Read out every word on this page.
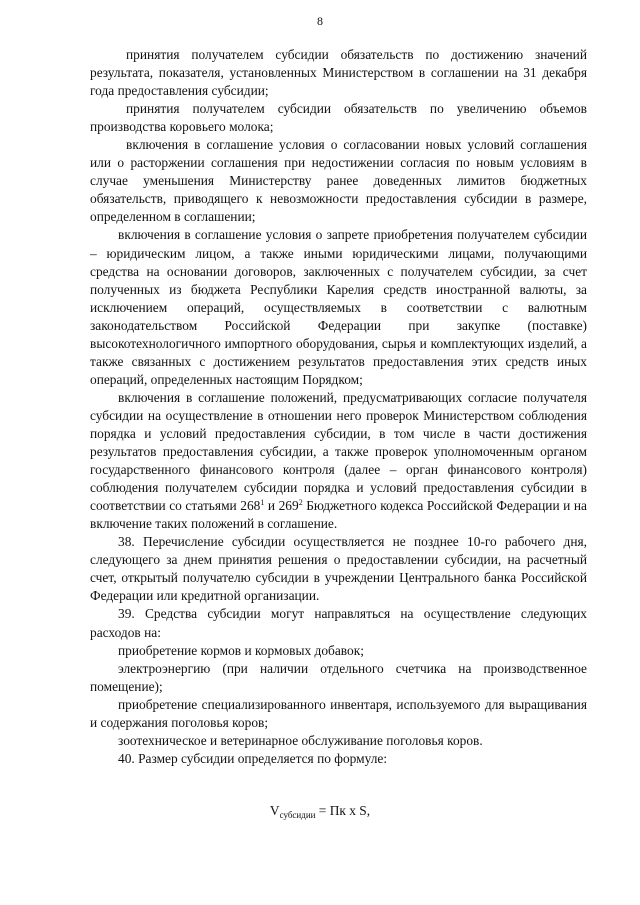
8

принятия получателем субсидии обязательств по достижению значений результата, показателя, установленных Министерством в соглашении на 31 декабря года предоставления субсидии;

принятия получателем субсидии обязательств по увеличению объемов производства коровьего молока;

включения в соглашение условия о согласовании новых условий соглашения или о расторжении соглашения при недостижении согласия по новым условиям в случае уменьшения Министерству ранее доведенных лимитов бюджетных обязательств, приводящего к невозможности предоставления субсидии в размере, определенном в соглашении;

включения в соглашение условия о запрете приобретения получателем субсидии – юридическим лицом, а также иными юридическими лицами, получающими средства на основании договоров, заключенных с получателем субсидии, за счет полученных из бюджета Республики Карелия средств иностранной валюты, за исключением операций, осуществляемых в соответствии с валютным законодательством Российской Федерации при закупке (поставке) высокотехнологичного импортного оборудования, сырья и комплектующих изделий, а также связанных с достижением результатов предоставления этих средств иных операций, определенных настоящим Порядком;

включения в соглашение положений, предусматривающих согласие получателя субсидии на осуществление в отношении него проверок Министерством соблюдения порядка и условий предоставления субсидии, в том числе в части достижения результатов предоставления субсидии, а также проверок уполномоченным органом государственного финансового контроля (далее – орган финансового контроля) соблюдения получателем субсидии порядка и условий предоставления субсидии в соответствии со статьями $268^1$ и $269^2$ Бюджетного кодекса Российской Федерации и на включение таких положений в соглашение.

38. Перечисление субсидии осуществляется не позднее 10-го рабочего дня, следующего за днем принятия решения о предоставлении субсидии, на расчетный счет, открытый получателю субсидии в учреждении Центрального банка Российской Федерации или кредитной организации.

39. Средства субсидии могут направляться на осуществление следующих расходов на:

приобретение кормов и кормовых добавок;

электроэнергию (при наличии отдельного счетчика на производственное помещение);

приобретение специализированного инвентаря, используемого для выращивания и содержания поголовья коров;

зоотехническое и ветеринарное обслуживание поголовья коров.

40. Размер субсидии определяется по формуле:

$V_{субсидии}$ = Пк x S,
